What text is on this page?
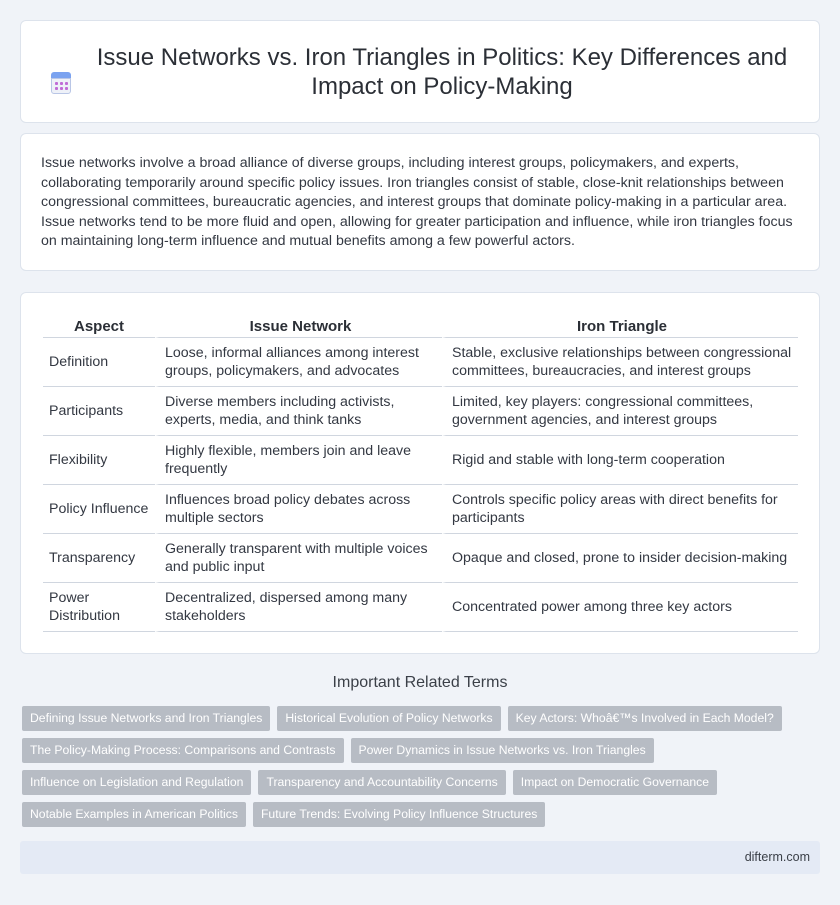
Issue Networks vs. Iron Triangles in Politics: Key Differences and Impact on Policy-Making

Issue networks involve a broad alliance of diverse groups, including interest groups, policymakers, and experts, collaborating temporarily around specific policy issues. Iron triangles consist of stable, close-knit relationships between congressional committees, bureaucratic agencies, and interest groups that dominate policy-making in a particular area. Issue networks tend to be more fluid and open, allowing for greater participation and influence, while iron triangles focus on maintaining long-term influence and mutual benefits among a few powerful actors.

Aspect	Issue Network	Iron Triangle
Definition	Loose, informal alliances among interest groups, policymakers, and advocates	Stable, exclusive relationships between congressional committees, bureaucracies, and interest groups
Participants	Diverse members including activists, experts, media, and think tanks	Limited, key players: congressional committees, government agencies, and interest groups
Flexibility	Highly flexible, members join and leave frequently	Rigid and stable with long-term cooperation
Policy Influence	Influences broad policy debates across multiple sectors	Controls specific policy areas with direct benefits for participants
Transparency	Generally transparent with multiple voices and public input	Opaque and closed, prone to insider decision-making
Power Distribution	Decentralized, dispersed among many stakeholders	Concentrated power among three key actors
Important Related Terms
Defining Issue Networks and Iron Triangles	Historical Evolution of Policy Networks	Key Actors: Whoâ€™s Involved in Each Model?
The Policy-Making Process: Comparisons and Contrasts	Power Dynamics in Issue Networks vs. Iron Triangles
Influence on Legislation and Regulation	Transparency and Accountability Concerns	Impact on Democratic Governance
Notable Examples in American Politics	Future Trends: Evolving Policy Influence Structures
difterm.com
